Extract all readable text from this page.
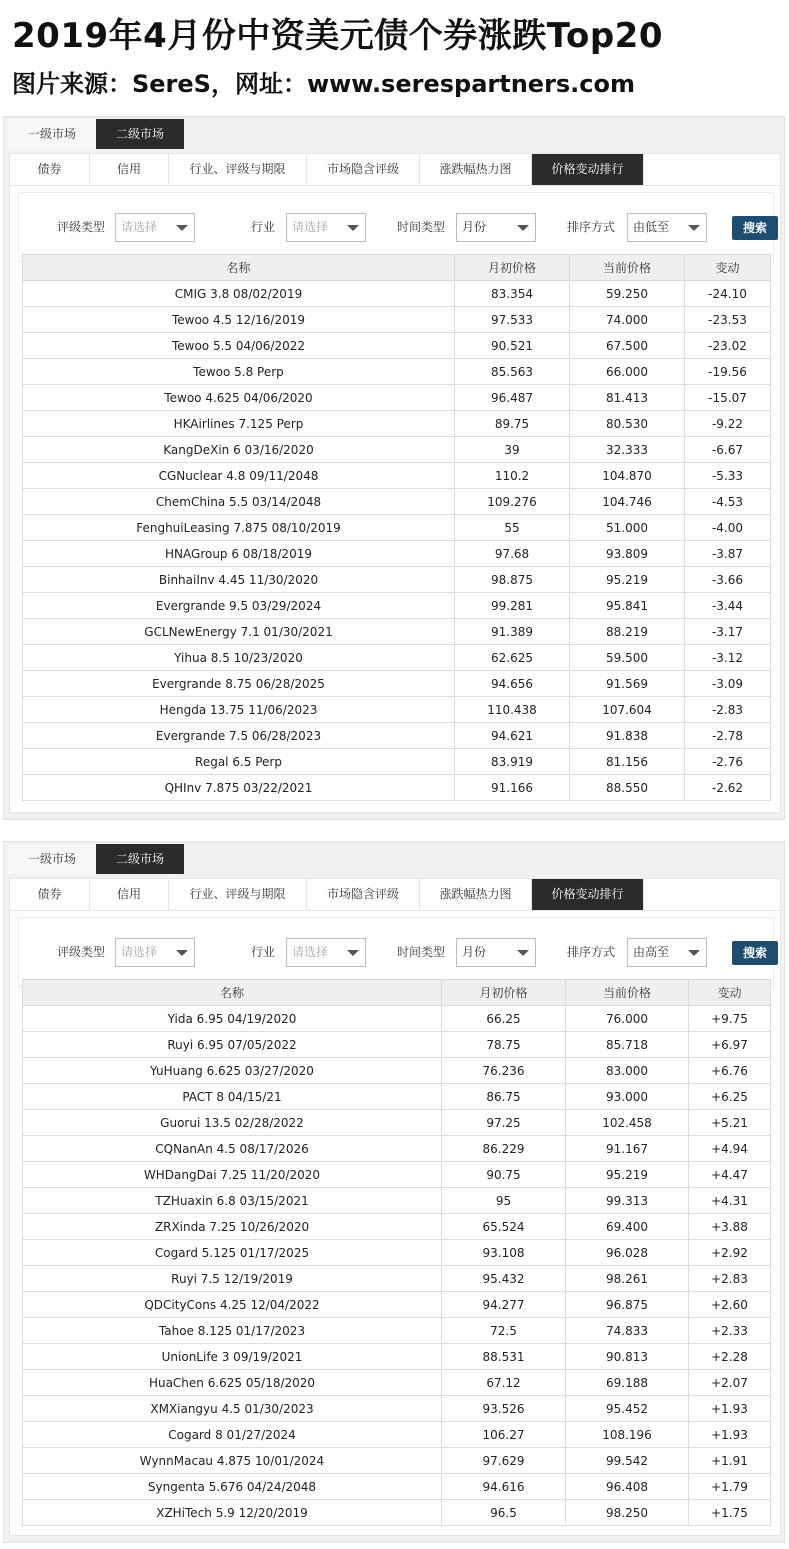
2019年4月份中资美元债个券涨跌Top20
图片来源：SereS，网址：www.serespartners.com
一级市场	二级市场
债券	信用	行业、评级与期限	市场隐含评级	涨跌幅热力图	价格变动排行
评级类型	请选择	行业	请选择	时间类型	月份	排序方式	由低至	搜索
名称	月初价格	当前价格	变动
CMIG 3.8 08/02/2019	83.354	59.250	-24.10
Tewoo 4.5 12/16/2019	97.533	74.000	-23.53
Tewoo 5.5 04/06/2022	90.521	67.500	-23.02
Tewoo 5.8 Perp	85.563	66.000	-19.56
Tewoo 4.625 04/06/2020	96.487	81.413	-15.07
HKAirlines 7.125 Perp	89.75	80.530	-9.22
KangDeXin 6 03/16/2020	39	32.333	-6.67
CGNuclear 4.8 09/11/2048	110.2	104.870	-5.33
ChemChina 5.5 03/14/2048	109.276	104.746	-4.53
FenghuiLeasing 7.875 08/10/2019	55	51.000	-4.00
HNAGroup 6 08/18/2019	97.68	93.809	-3.87
BinhaiInv 4.45 11/30/2020	98.875	95.219	-3.66
Evergrande 9.5 03/29/2024	99.281	95.841	-3.44
GCLNewEnergy 7.1 01/30/2021	91.389	88.219	-3.17
Yihua 8.5 10/23/2020	62.625	59.500	-3.12
Evergrande 8.75 06/28/2025	94.656	91.569	-3.09
Hengda 13.75 11/06/2023	110.438	107.604	-2.83
Evergrande 7.5 06/28/2023	94.621	91.838	-2.78
Regal 6.5 Perp	83.919	81.156	-2.76
QHInv 7.875 03/22/2021	91.166	88.550	-2.62
一级市场	二级市场
债券	信用	行业、评级与期限	市场隐含评级	涨跌幅热力图	价格变动排行
评级类型	请选择	行业	请选择	时间类型	月份	排序方式	由高至	搜索
名称	月初价格	当前价格	变动
Yida 6.95 04/19/2020	66.25	76.000	+9.75
Ruyi 6.95 07/05/2022	78.75	85.718	+6.97
YuHuang 6.625 03/27/2020	76.236	83.000	+6.76
PACT 8 04/15/21	86.75	93.000	+6.25
Guorui 13.5 02/28/2022	97.25	102.458	+5.21
CQNanAn 4.5 08/17/2026	86.229	91.167	+4.94
WHDangDai 7.25 11/20/2020	90.75	95.219	+4.47
TZHuaxin 6.8 03/15/2021	95	99.313	+4.31
ZRXinda 7.25 10/26/2020	65.524	69.400	+3.88
Cogard 5.125 01/17/2025	93.108	96.028	+2.92
Ruyi 7.5 12/19/2019	95.432	98.261	+2.83
QDCityCons 4.25 12/04/2022	94.277	96.875	+2.60
Tahoe 8.125 01/17/2023	72.5	74.833	+2.33
UnionLife 3 09/19/2021	88.531	90.813	+2.28
HuaChen 6.625 05/18/2020	67.12	69.188	+2.07
XMXiangyu 4.5 01/30/2023	93.526	95.452	+1.93
Cogard 8 01/27/2024	106.27	108.196	+1.93
WynnMacau 4.875 10/01/2024	97.629	99.542	+1.91
Syngenta 5.676 04/24/2048	94.616	96.408	+1.79
XZHiTech 5.9 12/20/2019	96.5	98.250	+1.75
